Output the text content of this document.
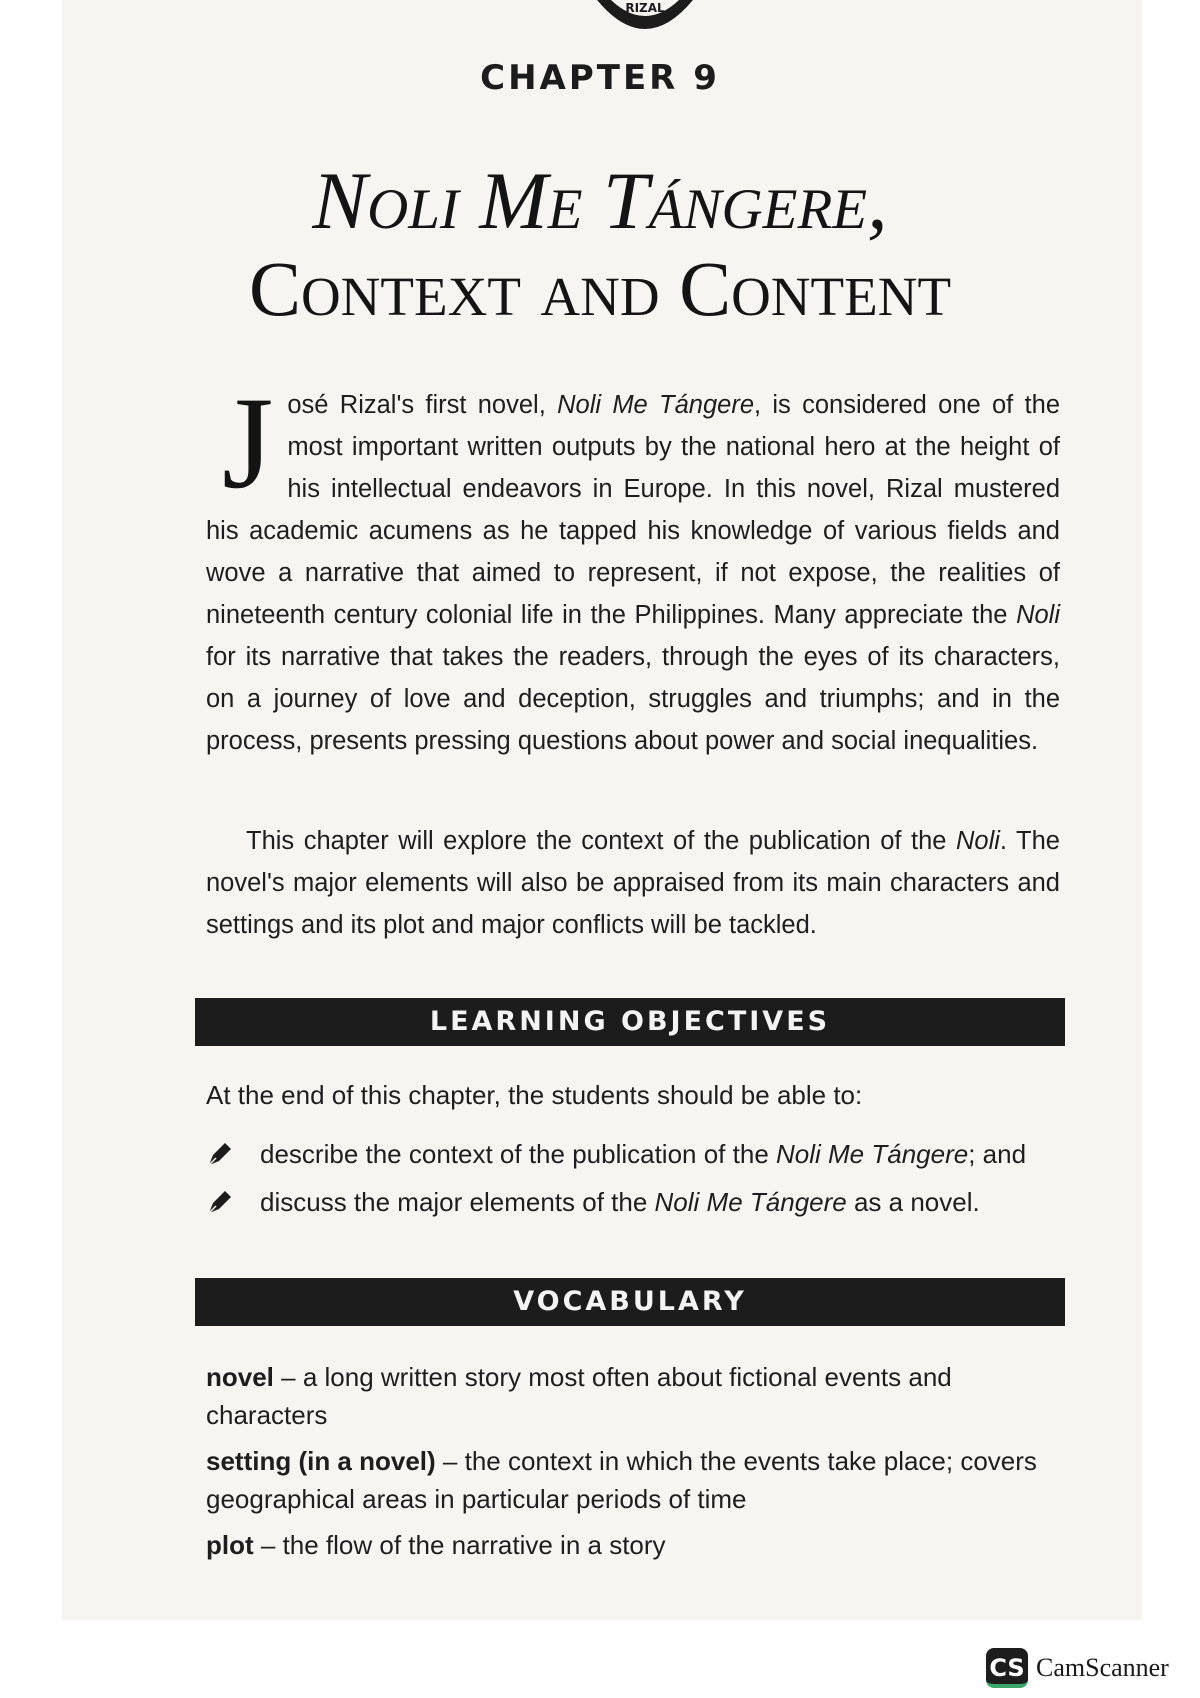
RIZAL
CHAPTER 9
Noli Me Tángere,
Context and Content
J osé Rizal's first novel, Noli Me Tángere, is considered one of the most important written outputs by the national hero at the height of his intellectual endeavors in Europe. In this novel, Rizal mustered his academic acumens as he tapped his knowledge of various fields and wove a narrative that aimed to represent, if not expose, the realities of nineteenth century colonial life in the Philippines. Many appreciate the Noli for its narrative that takes the readers, through the eyes of its characters, on a journey of love and deception, struggles and triumphs; and in the process, presents pressing questions about power and social inequalities.
This chapter will explore the context of the publication of the Noli. The novel's major elements will also be appraised from its main characters and settings and its plot and major conflicts will be tackled.
LEARNING OBJECTIVES
At the end of this chapter, the students should be able to:
describe the context of the publication of the Noli Me Tángere; and
discuss the major elements of the Noli Me Tángere as a novel.
VOCABULARY
novel – a long written story most often about fictional events and characters
setting (in a novel) – the context in which the events take place; covers geographical areas in particular periods of time
plot – the flow of the narrative in a story
CS CamScanner
